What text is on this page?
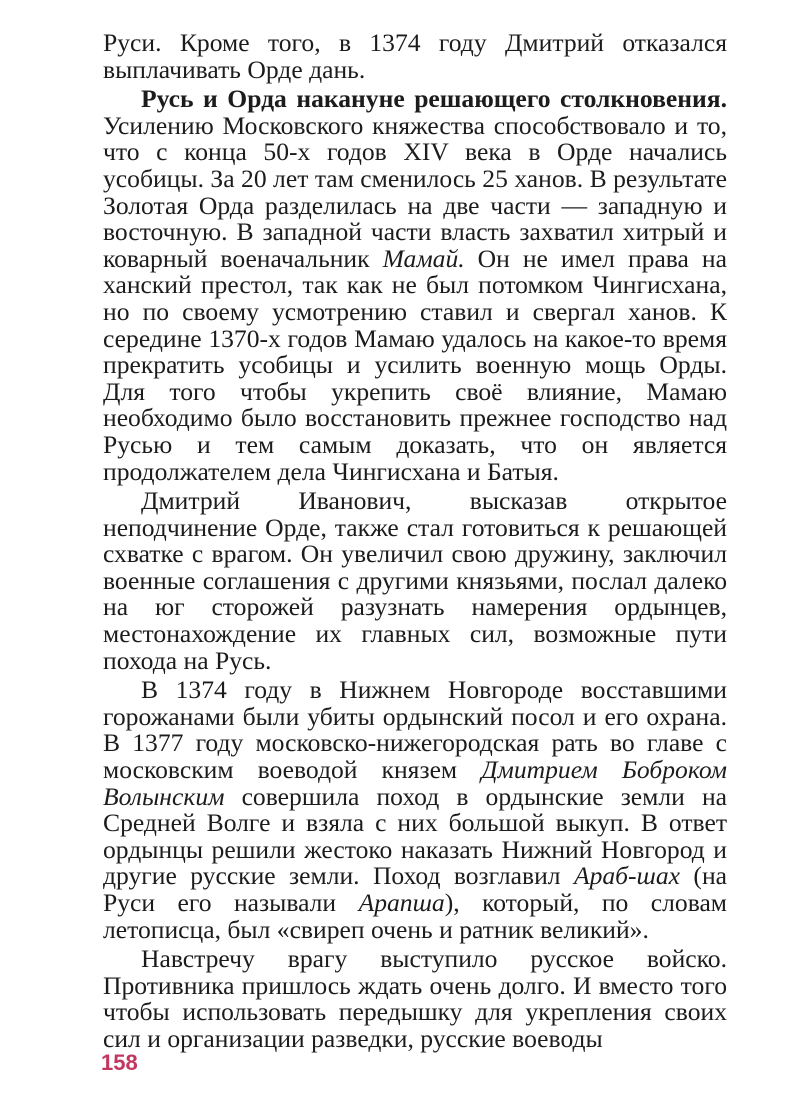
Руси. Кроме того, в 1374 году Дмитрий отказался выплачивать Орде дань.

Русь и Орда накануне решающего столкновения. Усилению Московского княжества способствовало и то, что с конца 50-х годов XIV века в Орде начались усобицы. За 20 лет там сменилось 25 ханов. В результате Золотая Орда разделилась на две части — западную и восточную. В западной части власть захватил хитрый и коварный военачальник Мамай. Он не имел права на ханский престол, так как не был потомком Чингисхана, но по своему усмотрению ставил и свергал ханов. К середине 1370-х годов Мамаю удалось на какое-то время прекратить усобицы и усилить военную мощь Орды. Для того чтобы укрепить своё влияние, Мамаю необходимо было восстановить прежнее господство над Русью и тем самым доказать, что он является продолжателем дела Чингисхана и Батыя.

Дмитрий Иванович, высказав открытое неподчинение Орде, также стал готовиться к решающей схватке с врагом. Он увеличил свою дружину, заключил военные соглашения с другими князьями, послал далеко на юг сторожей разузнать намерения ордынцев, местонахождение их главных сил, возможные пути похода на Русь.

В 1374 году в Нижнем Новгороде восставшими горожанами были убиты ордынский посол и его охрана. В 1377 году московско-нижегородская рать во главе с московским воеводой князем Дмитрием Боброком Волынским совершила поход в ордынские земли на Средней Волге и взяла с них большой выкуп. В ответ ордынцы решили жестоко наказать Нижний Новгород и другие русские земли. Поход возглавил Араб-шах (на Руси его называли Арапша), который, по словам летописца, был «свиреп очень и ратник великий».

Навстречу врагу выступило русское войско. Противника пришлось ждать очень долго. И вместо того чтобы использовать передышку для укрепления своих сил и организации разведки, русские воеводы

158
